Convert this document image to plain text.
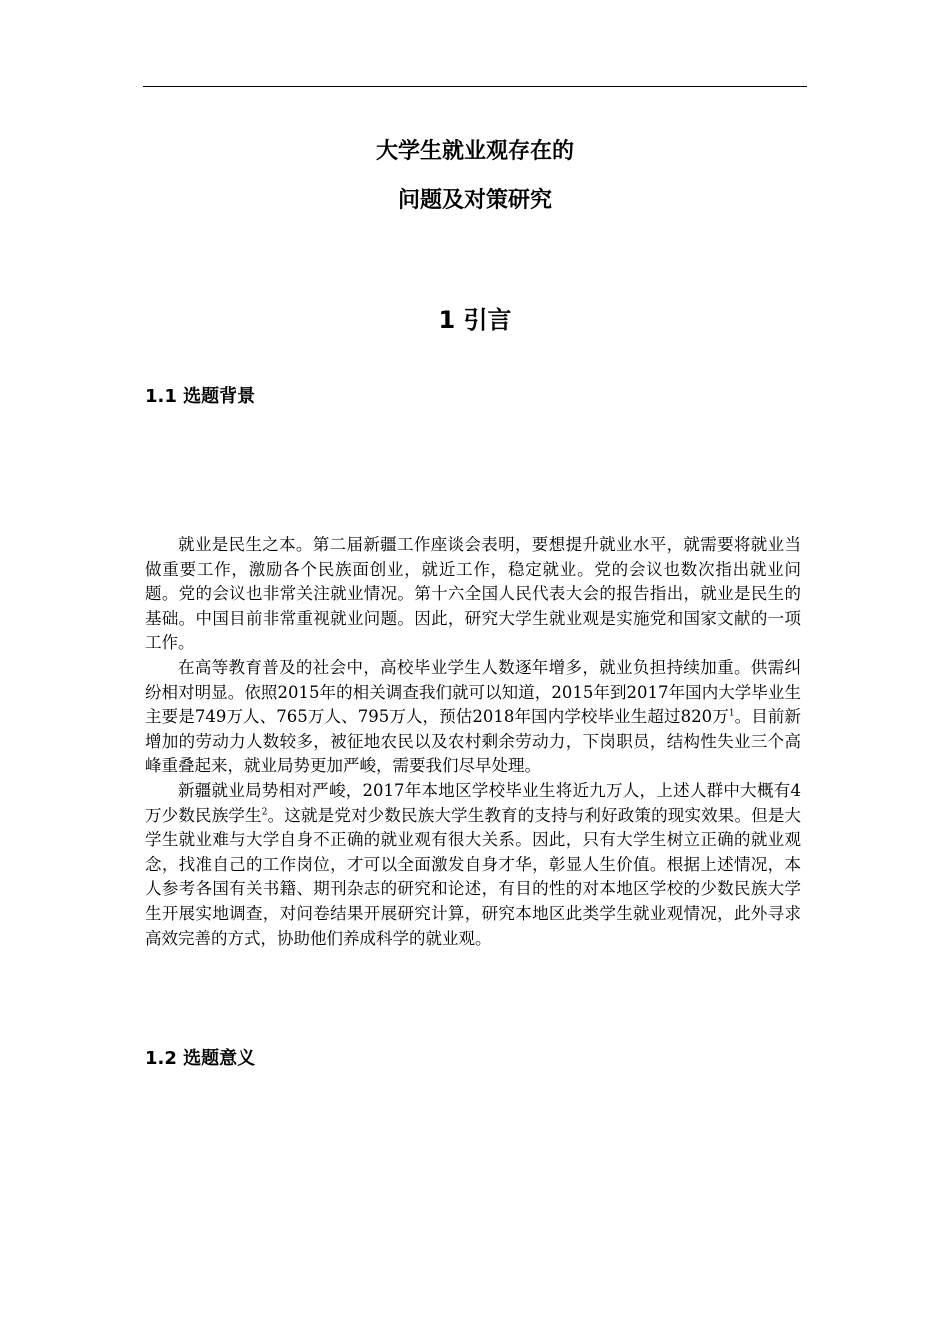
大学生就业观存在的
问题及对策研究
1 引言
1.1 选题背景

就业是民生之本。第二届新疆工作座谈会表明，要想提升就业水平，就需要将就业当做重要工作，激励各个民族面创业，就近工作，稳定就业。党的会议也数次指出就业问题。党的会议也非常关注就业情况。第十六全国人民代表大会的报告指出，就业是民生的基础。中国目前非常重视就业问题。因此，研究大学生就业观是实施党和国家文献的一项工作。

在高等教育普及的社会中，高校毕业学生人数逐年增多，就业负担持续加重。供需纠纷相对明显。依照2015年的相关调查我们就可以知道，2015年到2017年国内大学毕业生主要是749万人、765万人、795万人，预估2018年国内学校毕业生超过820万$^1$。目前新增加的劳动力人数较多，被征地农民以及农村剩余劳动力，下岗职员，结构性失业三个高峰重叠起来，就业局势更加严峻，需要我们尽早处理。

新疆就业局势相对严峻，2017年本地区学校毕业生将近九万人，上述人群中大概有4万少数民族学生$^2$。这就是党对少数民族大学生教育的支持与利好政策的现实效果。但是大学生就业难与大学自身不正确的就业观有很大关系。因此，只有大学生树立正确的就业观念，找准自己的工作岗位，才可以全面激发自身才华，彰显人生价值。根据上述情况，本人参考各国有关书籍、期刊杂志的研究和论述，有目的性的对本地区学校的少数民族大学生开展实地调查，对问卷结果开展研究计算，研究本地区此类学生就业观情况，此外寻求高效完善的方式，协助他们养成科学的就业观。

1.2 选题意义
